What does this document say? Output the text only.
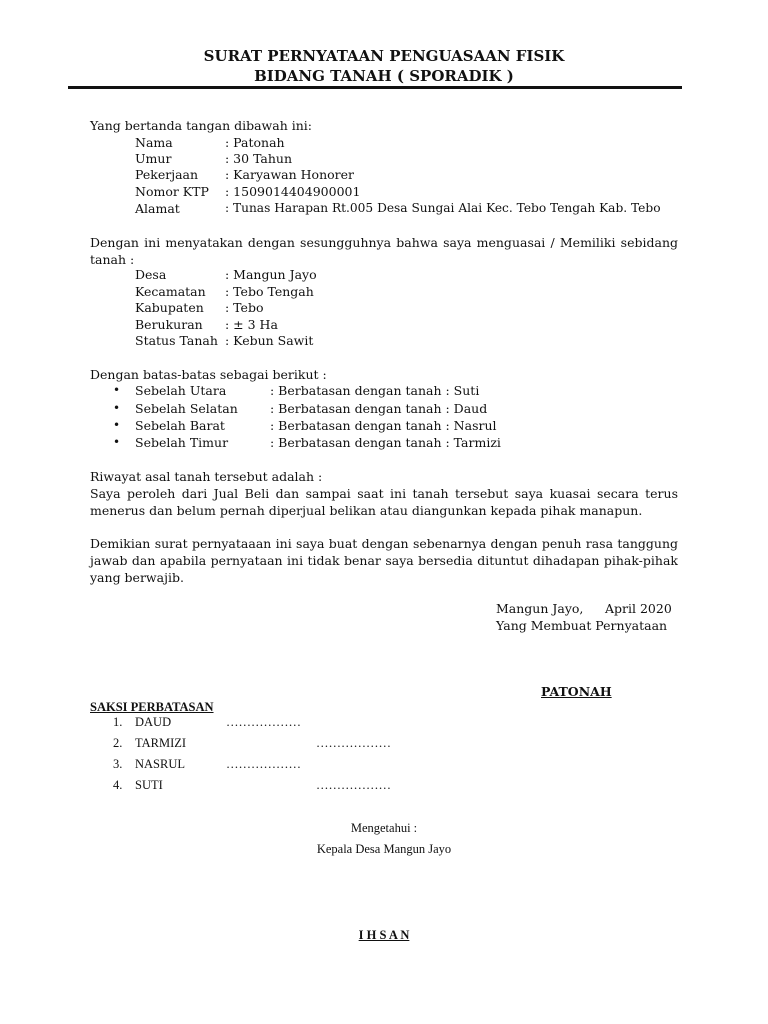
SURAT PERNYATAAN PENGUASAAN FISIK
BIDANG TANAH ( SPORADIK )
Yang bertanda tangan dibawah ini:
Nama	: Patonah
Umur	: 30 Tahun
Pekerjaan : Karyawan Honorer
Nomor KTP : 1509014404900001
Alamat	: Tunas Harapan Rt.005 Desa Sungai Alai Kec. Tebo Tengah Kab. Tebo
Dengan ini menyatakan dengan sesungguhnya bahwa saya menguasai / Memiliki sebidang tanah :
Desa	: Mangun Jayo
Kecamatan : Tebo Tengah
Kabupaten : Tebo
Berukuran : ± 3 Ha
Status Tanah : Kebun Sawit
Dengan batas-batas sebagai berikut :
• Sebelah Utara	: Berbatasan dengan tanah : Suti
• Sebelah Selatan	: Berbatasan dengan tanah : Daud
• Sebelah Barat	: Berbatasan dengan tanah : Nasrul
• Sebelah Timur	: Berbatasan dengan tanah : Tarmizi
Riwayat asal tanah tersebut adalah :
Saya peroleh dari Jual Beli dan sampai saat ini tanah tersebut saya kuasai secara terus menerus dan belum pernah diperjual belikan atau diangunkan kepada pihak manapun.
Demikian surat pernyataaan ini saya buat dengan sebenarnya dengan penuh rasa tanggung jawab dan apabila pernyataan ini tidak benar saya bersedia dituntut dihadapan pihak-pihak yang berwajib.
Mangun Jayo, April 2020
Yang Membuat Pernyataan
PATONAH
SAKSI PERBATASAN
1. DAUD	………………
2. TARMIZI	………………
3. NASRUL	………………
4. SUTI	………………
Mengetahui :
Kepala Desa Mangun Jayo
I H S A N
